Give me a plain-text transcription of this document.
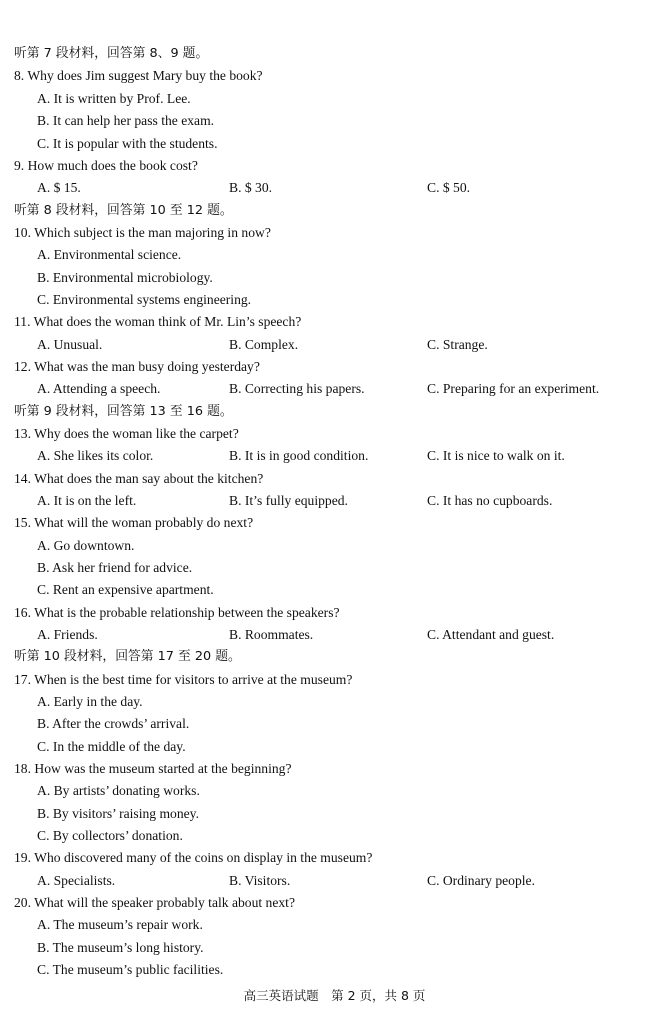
听第 7 段材料，回答第 8、9 题。
8. Why does Jim suggest Mary buy the book?
A. It is written by Prof. Lee.
B. It can help her pass the exam.
C. It is popular with the students.
9. How much does the book cost?
A. $ 15.	B. $ 30.	C. $ 50.
听第 8 段材料，回答第 10 至 12 题。
10. Which subject is the man majoring in now?
A. Environmental science.
B. Environmental microbiology.
C. Environmental systems engineering.
11. What does the woman think of Mr. Lin’s speech?
A. Unusual.	B. Complex.	C. Strange.
12. What was the man busy doing yesterday?
A. Attending a speech.	B. Correcting his papers.	C. Preparing for an experiment.
听第 9 段材料，回答第 13 至 16 题。
13. Why does the woman like the carpet?
A. She likes its color.	B. It is in good condition.	C. It is nice to walk on it.
14. What does the man say about the kitchen?
A. It is on the left.	B. It’s fully equipped.	C. It has no cupboards.
15. What will the woman probably do next?
A. Go downtown.
B. Ask her friend for advice.
C. Rent an expensive apartment.
16. What is the probable relationship between the speakers?
A. Friends.	B. Roommates.	C. Attendant and guest.
听第 10 段材料，回答第 17 至 20 题。
17. When is the best time for visitors to arrive at the museum?
A. Early in the day.
B. After the crowds’ arrival.
C. In the middle of the day.
18. How was the museum started at the beginning?
A. By artists’ donating works.
B. By visitors’ raising money.
C. By collectors’ donation.
19. Who discovered many of the coins on display in the museum?
A. Specialists.	B. Visitors.	C. Ordinary people.
20. What will the speaker probably talk about next?
A. The museum’s repair work.
B. The museum’s long history.
C. The museum’s public facilities.
高三英语试题　第 2 页，共 8 页
